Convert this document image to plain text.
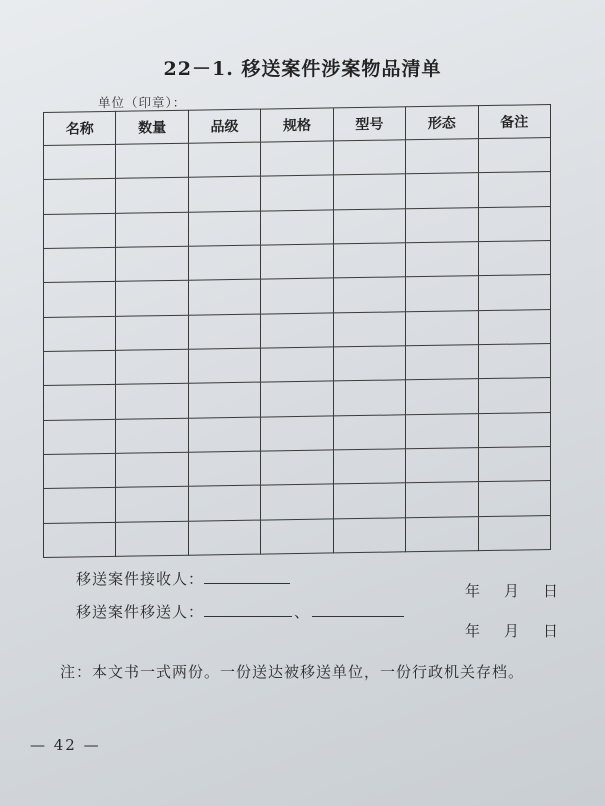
22－1. 移送案件涉案物品清单
单位（印章）：
名称	数量	品级	规格	型号	形态	备注

移送案件接收人：
年 月 日
移送案件移送人：	、
年 月 日
注：本文书一式两份。一份送达被移送单位，一份行政机关存档。
— 42 —
